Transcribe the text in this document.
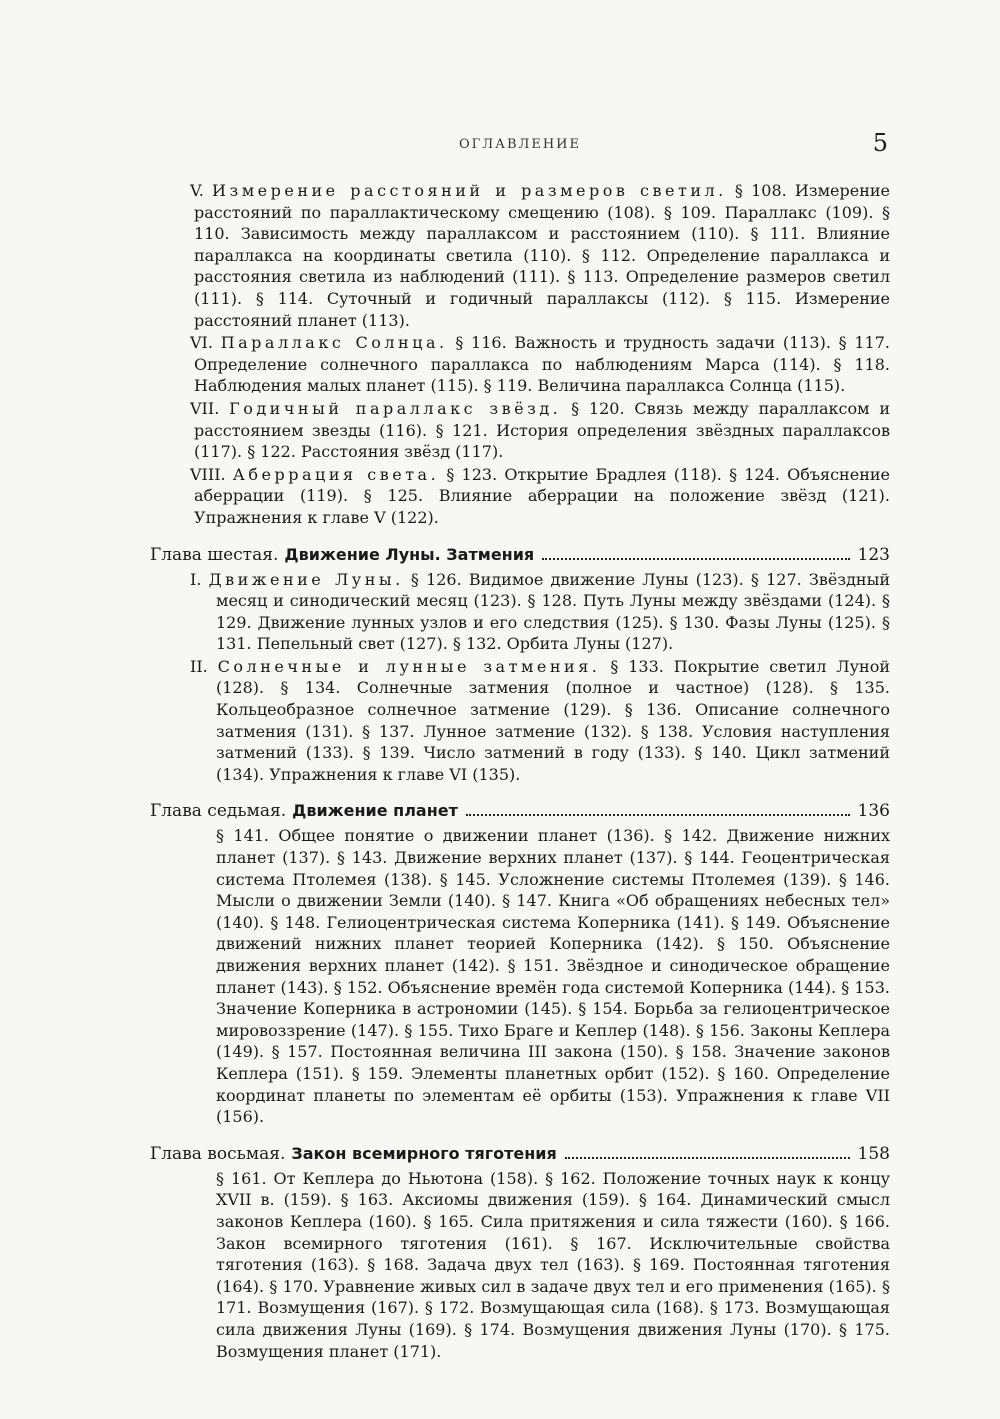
ОГЛАВЛЕНИЕ	5

V. Измерение расстояний и размеров светил. § 108. Измерение расстояний по параллактическому смещению (108). § 109. Параллакс (109). § 110. Зависимость между параллаксом и расстоянием (110). § 111. Влияние параллакса на координаты светила (110). § 112. Определение параллакса и расстояния светила из наблюдений (111). § 113. Определение размеров светил (111). § 114. Суточный и годичный параллаксы (112). § 115. Измерение расстояний планет (113).

VI. Параллакс Солнца. § 116. Важность и трудность задачи (113). § 117. Определение солнечного параллакса по наблюдениям Марса (114). § 118. Наблюдения малых планет (115). § 119. Величина параллакса Солнца (115).

VII. Годичный параллакс звёзд. § 120. Связь между параллаксом и расстоянием звезды (116). § 121. История определения звёздных параллаксов (117). § 122. Расстояния звёзд (117).

VIII. Аберрация света. § 123. Открытие Брадлея (118). § 124. Объяснение аберрации (119). § 125. Влияние аберрации на положение звёзд (121). Упражнения к главе V (122).

Глава шестая. Движение Луны. Затмения	123

I. Движение Луны. § 126. Видимое движение Луны (123). § 127. Звёздный месяц и синодический месяц (123). § 128. Путь Луны между звёздами (124). § 129. Движение лунных узлов и его следствия (125). § 130. Фазы Луны (125). § 131. Пепельный свет (127). § 132. Орбита Луны (127).

II. Солнечные и лунные затмения. § 133. Покрытие светил Луной (128). § 134. Солнечные затмения (полное и частное) (128). § 135. Кольцеобразное солнечное затмение (129). § 136. Описание солнечного затмения (131). § 137. Лунное затмение (132). § 138. Условия наступления затмений (133). § 139. Число затмений в году (133). § 140. Цикл затмений (134). Упражнения к главе VI (135).

Глава седьмая. Движение планет	136

§ 141. Общее понятие о движении планет (136). § 142. Движение нижних планет (137). § 143. Движение верхних планет (137). § 144. Геоцентрическая система Птолемея (138). § 145. Усложнение системы Птолемея (139). § 146. Мысли о движении Земли (140). § 147. Книга «Об обращениях небесных тел» (140). § 148. Гелиоцентрическая система Коперника (141). § 149. Объяснение движений нижних планет теорией Коперника (142). § 150. Объяснение движения верхних планет (142). § 151. Звёздное и синодическое обращение планет (143). § 152. Объяснение времён года системой Коперника (144). § 153. Значение Коперника в астрономии (145). § 154. Борьба за гелиоцентрическое мировоззрение (147). § 155. Тихо Браге и Кеплер (148). § 156. Законы Кеплера (149). § 157. Постоянная величина III закона (150). § 158. Значение законов Кеплера (151). § 159. Элементы планетных орбит (152). § 160. Определение координат планеты по элементам её орбиты (153). Упражнения к главе VII (156).

Глава восьмая. Закон всемирного тяготения	158

§ 161. От Кеплера до Ньютона (158). § 162. Положение точных наук к концу XVII в. (159). § 163. Аксиомы движения (159). § 164. Динамический смысл законов Кеплера (160). § 165. Сила притяжения и сила тяжести (160). § 166. Закон всемирного тяготения (161). § 167. Исключительные свойства тяготения (163). § 168. Задача двух тел (163). § 169. Постоянная тяготения (164). § 170. Уравнение живых сил в задаче двух тел и его применения (165). § 171. Возмущения (167). § 172. Возмущающая сила (168). § 173. Возмущающая сила движения Луны (169). § 174. Возмущения движения Луны (170). § 175. Возмущения планет (171).
